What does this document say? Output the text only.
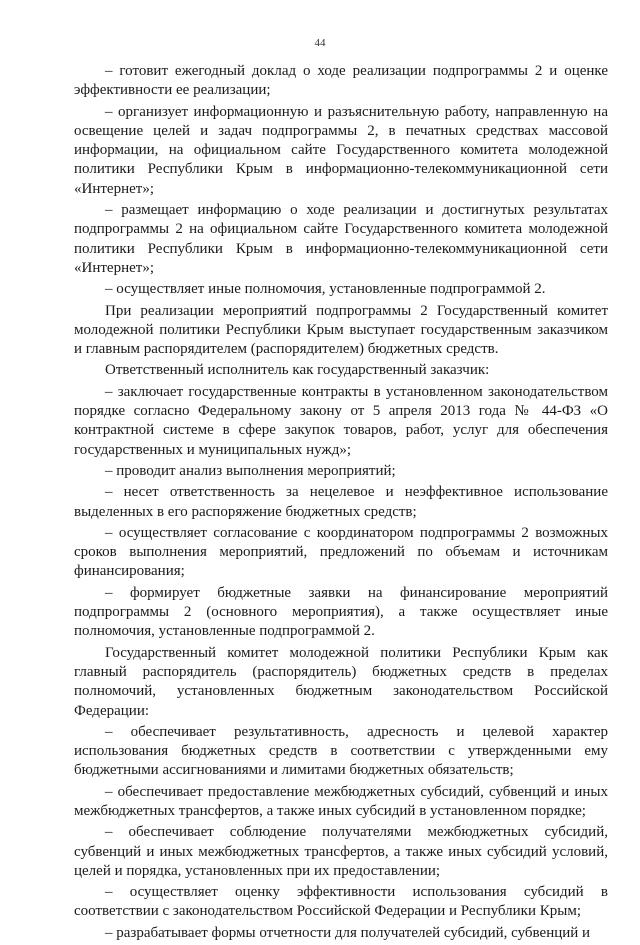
44

– готовит ежегодный доклад о ходе реализации подпрограммы 2 и оценке эффективности ее реализации;

– организует информационную и разъяснительную работу, направленную на освещение целей и задач подпрограммы 2, в печатных средствах массовой информации, на официальном сайте Государственного комитета молодежной политики Республики Крым в информационно-телекоммуникационной сети «Интернет»;

– размещает информацию о ходе реализации и достигнутых результатах подпрограммы 2 на официальном сайте Государственного комитета молодежной политики Республики Крым в информационно-телекоммуникационной сети «Интернет»;

– осуществляет иные полномочия, установленные подпрограммой 2.

При реализации мероприятий подпрограммы 2 Государственный комитет молодежной политики Республики Крым выступает государственным заказчиком и главным распорядителем (распорядителем) бюджетных средств.

Ответственный исполнитель как государственный заказчик:

– заключает государственные контракты в установленном законодательством порядке согласно Федеральному закону от 5 апреля 2013 года № 44-ФЗ «О контрактной системе в сфере закупок товаров, работ, услуг для обеспечения государственных и муниципальных нужд»;

– проводит анализ выполнения мероприятий;

– несет ответственность за нецелевое и неэффективное использование выделенных в его распоряжение бюджетных средств;

– осуществляет согласование с координатором подпрограммы 2 возможных сроков выполнения мероприятий, предложений по объемам и источникам финансирования;

– формирует бюджетные заявки на финансирование мероприятий подпрограммы 2 (основного мероприятия), а также осуществляет иные полномочия, установленные подпрограммой 2.

Государственный комитет молодежной политики Республики Крым как главный распорядитель (распорядитель) бюджетных средств в пределах полномочий, установленных бюджетным законодательством Российской Федерации:

– обеспечивает результативность, адресность и целевой характер использования бюджетных средств в соответствии с утвержденными ему бюджетными ассигнованиями и лимитами бюджетных обязательств;

– обеспечивает предоставление межбюджетных субсидий, субвенций и иных межбюджетных трансфертов, а также иных субсидий в установленном порядке;

– обеспечивает соблюдение получателями межбюджетных субсидий, субвенций и иных межбюджетных трансфертов, а также иных субсидий условий, целей и порядка, установленных при их предоставлении;

– осуществляет оценку эффективности использования субсидий в соответствии с законодательством Российской Федерации и Республики Крым;

– разрабатывает формы отчетности для получателей субсидий, субвенций и
